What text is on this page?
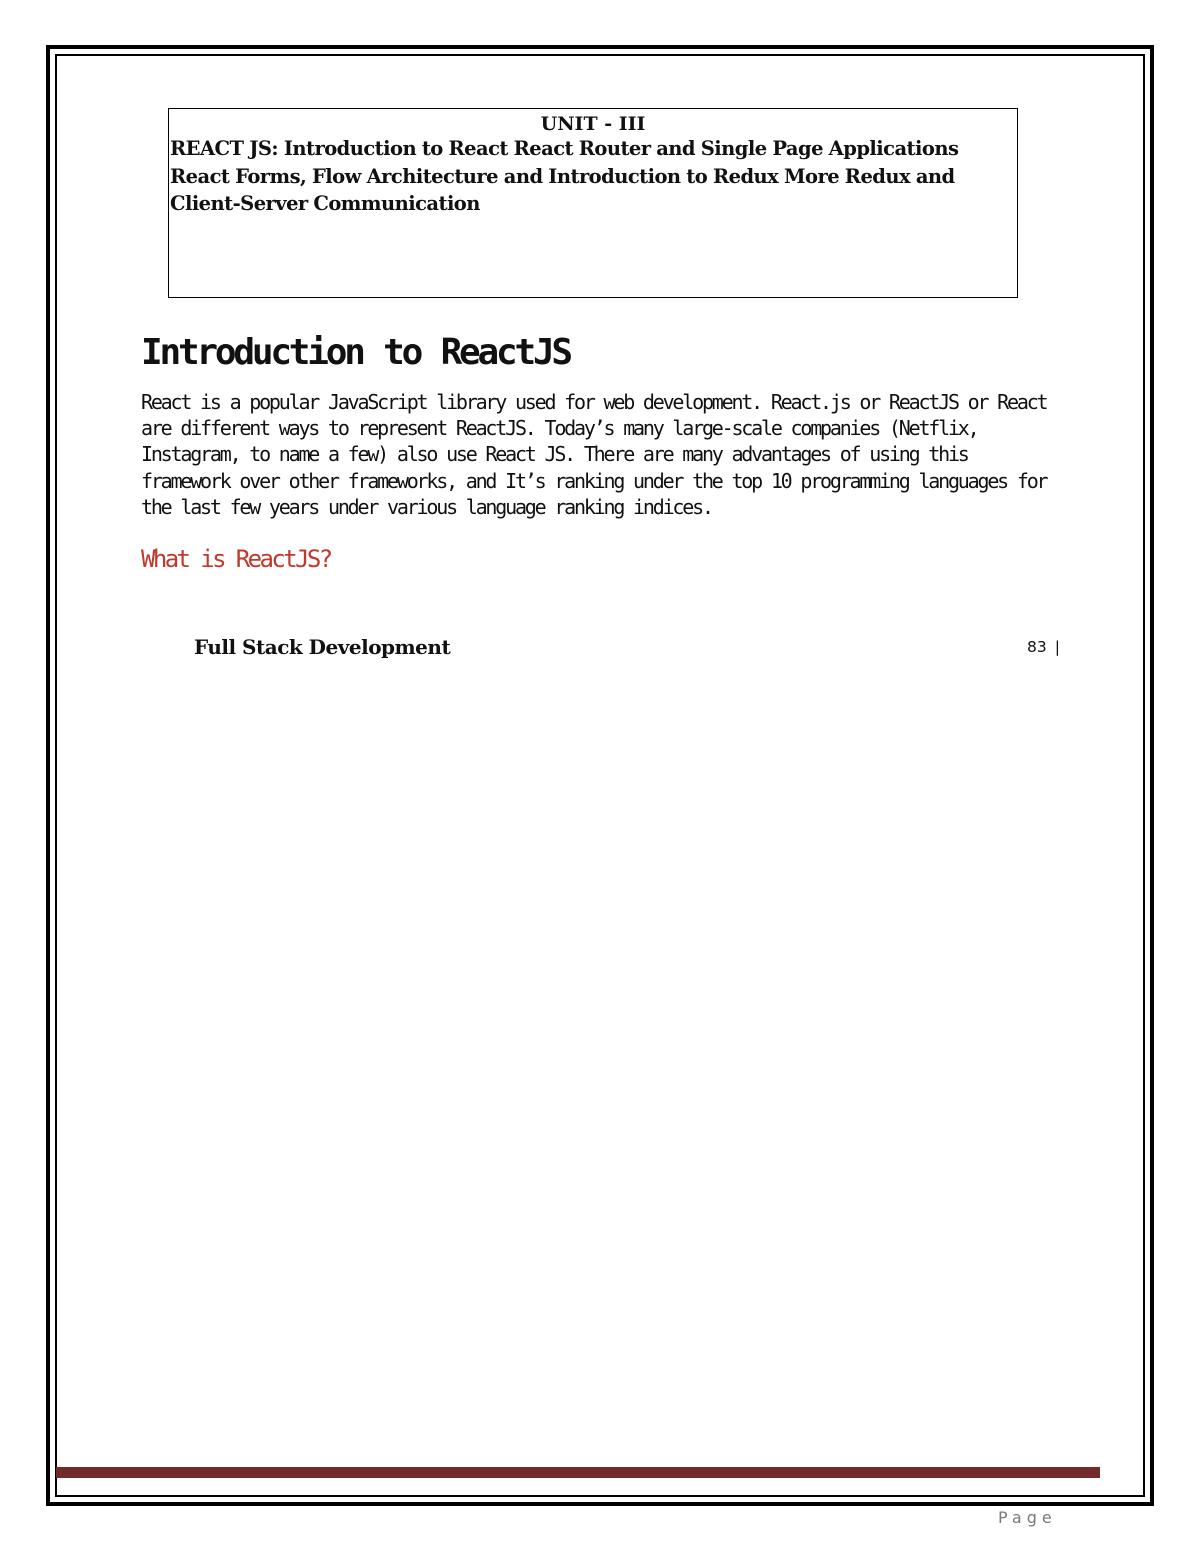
UNIT - III
REACT JS: Introduction to React React Router and Single Page Applications React Forms, Flow Architecture and Introduction to Redux More Redux and Client-Server Communication
Introduction to ReactJS
React is a popular JavaScript library used for web development. React.js or ReactJS or React are different ways to represent ReactJS. Today’s many large-scale companies (Netflix, Instagram, to name a few) also use React JS. There are many advantages of using this framework over other frameworks, and It’s ranking under the top 10 programming languages for the last few years under various language ranking indices.
What is ReactJS?
Full Stack Development	83 |
Page
